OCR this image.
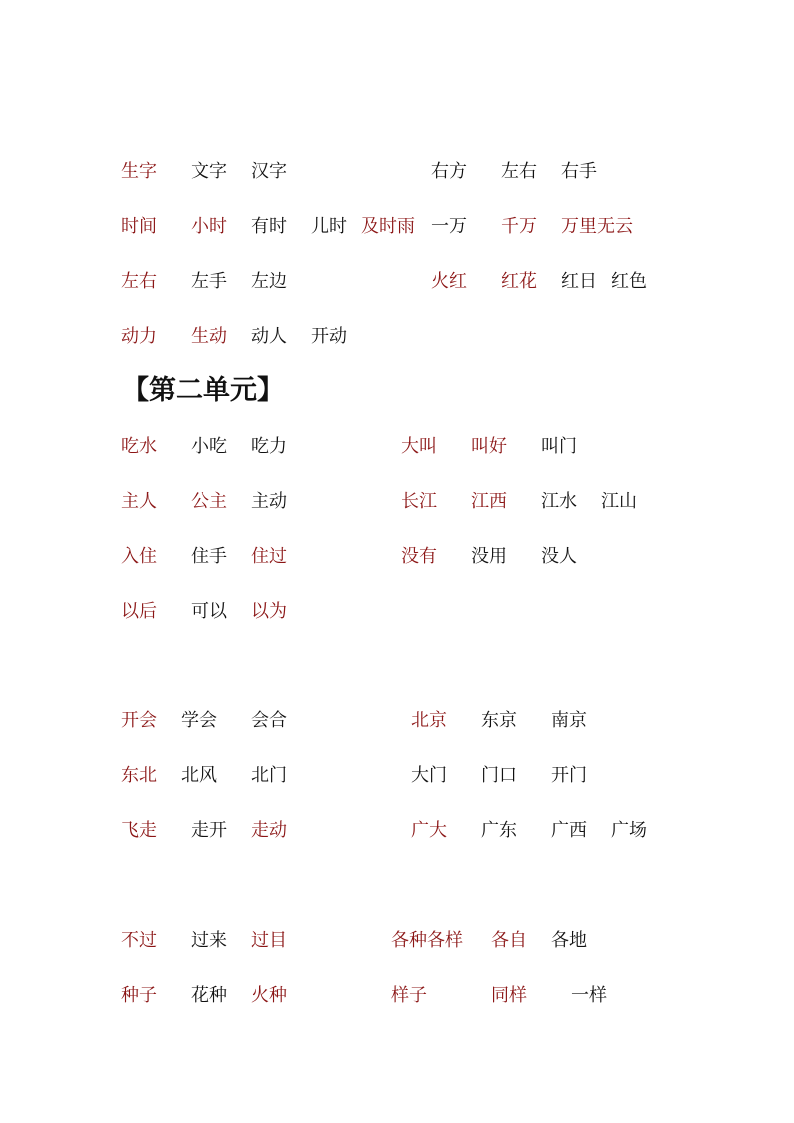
生字 文字 汉字	右方 左右 右手
时间 小时 有时 儿时 及时雨 一万 千万 万里无云
左右 左手 左边	火红 红花 红日 红色
动力 生动 动人 开动
【第二单元】
吃水 小吃 吃力	大叫 叫好 叫门
主人 公主 主动	长江 江西 江水 江山
入住 住手 住过	没有 没用 没人
以后 可以 以为
开会 学会 会合	北京 东京 南京
东北 北风 北门	大门 门口 开门
飞走 走开 走动	广大 广东 广西 广场
不过 过来 过目	各种各样 各自 各地
种子 花种 火种	样子	同样 一样
